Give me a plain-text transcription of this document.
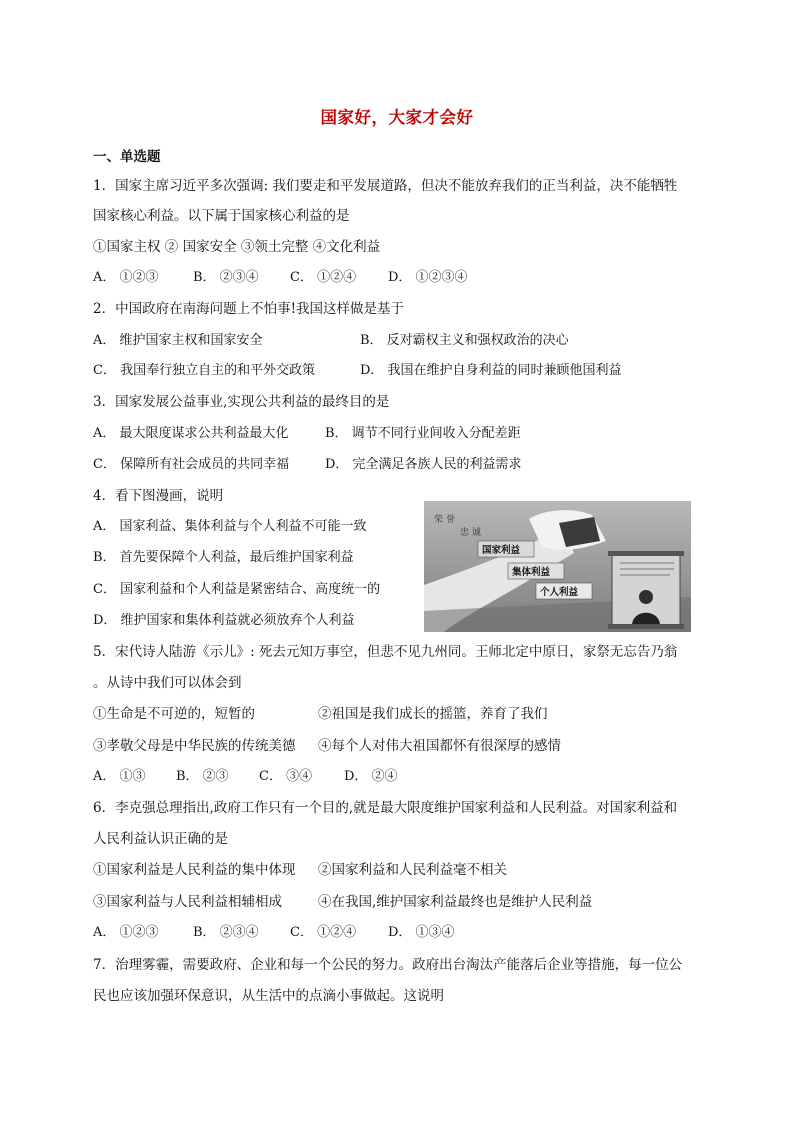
国家好，大家才会好
一、单选题
1．国家主席习近平多次强调: 我们要走和平发展道路，但决不能放弃我们的正当利益，决不能牺牲
国家核心利益。以下属于国家核心利益的是
①国家主权 ② 国家安全 ③领土完整 ④文化利益
A． ①②③	B． ②③④ C． ①②④ D． ①②③④
2．中国政府在南海问题上不怕事!我国这样做是基于
A． 维护国家主权和国家安全	B． 反对霸权主义和强权政治的决心
C． 我国奉行独立自主的和平外交政策	D． 我国在维护自身利益的同时兼顾他国利益
3．国家发展公益事业,实现公共利益的最终目的是
A． 最大限度谋求公共利益最大化	B． 调节不同行业间收入分配差距
C． 保障所有社会成员的共同幸福	D． 完全满足各族人民的利益需求
4．看下图漫画，说明
A． 国家利益、集体利益与个人利益不可能一致
B． 首先要保障个人利益，最后维护国家利益
C． 国家利益和个人利益是紧密结合、高度统一的
D． 维护国家和集体利益就必须放弃个人利益
荣 誉
忠 诚
国家利益
集体利益
个人利益
5．宋代诗人陆游《示儿》: 死去元知万事空，但悲不见九州同。王师北定中原日，家祭无忘告乃翁
。从诗中我们可以体会到
①生命是不可逆的，短暂的	②祖国是我们成长的摇篮，养育了我们
③孝敬父母是中华民族的传统美德 ④每个人对伟大祖国都怀有很深厚的感情
A． ①③ B． ②③ C． ③④ D． ②④
6．李克强总理指出,政府工作只有一个目的,就是最大限度维护国家利益和人民利益。对国家利益和
人民利益认识正确的是
①国家利益是人民利益的集中体现 ②国家利益和人民利益毫不相关
③国家利益与人民利益相辅相成	④在我国,维护国家利益最终也是维护人民利益
A． ①②③	B． ②③④ C． ①②④ D． ①③④
7．治理雾霾，需要政府、企业和每一个公民的努力。政府出台淘汰产能落后企业等措施，每一位公
民也应该加强环保意识，从生活中的点滴小事做起。这说明
